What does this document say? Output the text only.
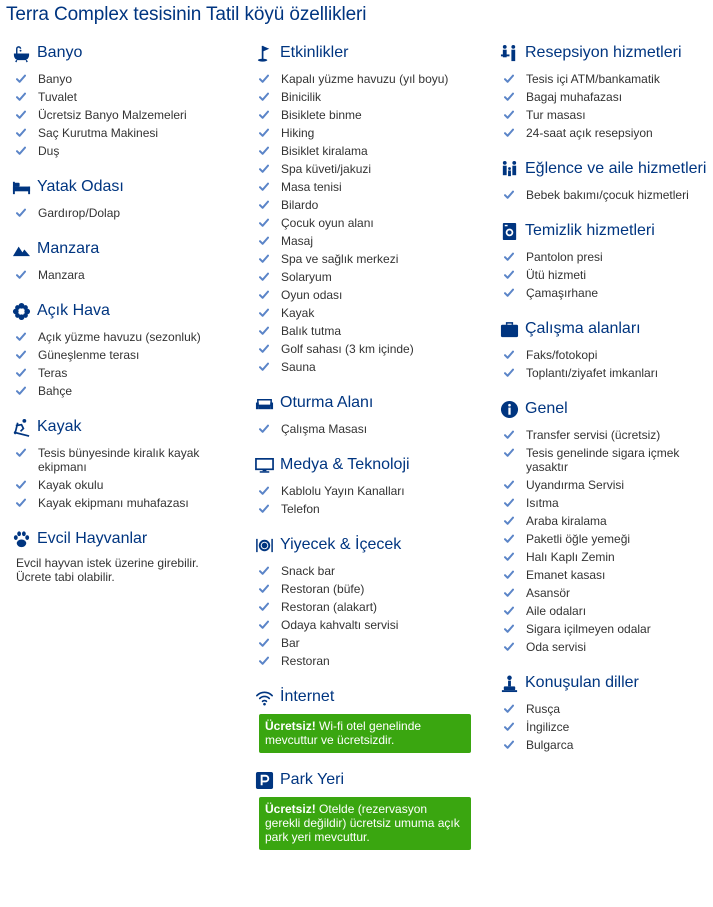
Terra Complex tesisinin Tatil köyü özellikleri
Banyo
Banyo
Tuvalet
Ücretsiz Banyo Malzemeleri
Saç Kurutma Makinesi
Duş
Yatak Odası
Gardırop/Dolap
Manzara
Manzara
Açık Hava
Açık yüzme havuzu (sezonluk)
Güneşlenme terası
Teras
Bahçe
Kayak
Tesis bünyesinde kiralık kayak ekipmanı
Kayak okulu
Kayak ekipmanı muhafazası
Evcil Hayvanlar
Evcil hayvan istek üzerine girebilir. Ücrete tabi olabilir.
Etkinlikler
Kapalı yüzme havuzu (yıl boyu)
Binicilik
Bisiklete binme
Hiking
Bisiklet kiralama
Spa küveti/jakuzi
Masa tenisi
Bilardo
Çocuk oyun alanı
Masaj
Spa ve sağlık merkezi
Solaryum
Oyun odası
Kayak
Balık tutma
Golf sahası (3 km içinde)
Sauna
Oturma Alanı
Çalışma Masası
Medya & Teknoloji
Kablolu Yayın Kanalları
Telefon
Yiyecek & İçecek
Snack bar
Restoran (büfe)
Restoran (alakart)
Odaya kahvaltı servisi
Bar
Restoran
İnternet
Ücretsiz! Wi-fi otel genelinde mevcuttur ve ücretsizdir.
Park Yeri
Ücretsiz! Otelde (rezervasyon gerekli değildir) ücretsiz umuma açık park yeri mevcuttur.
Resepsiyon hizmetleri
Tesis içi ATM/bankamatik
Bagaj muhafazası
Tur masası
24-saat açık resepsiyon
Eğlence ve aile hizmetleri
Bebek bakımı/çocuk hizmetleri
Temizlik hizmetleri
Pantolon presi
Ütü hizmeti
Çamaşırhane
Çalışma alanları
Faks/fotokopi
Toplantı/ziyafet imkanları
Genel
Transfer servisi (ücretsiz)
Tesis genelinde sigara içmek yasaktır
Uyandırma Servisi
Isıtma
Araba kiralama
Paketli öğle yemeği
Halı Kaplı Zemin
Emanet kasası
Asansör
Aile odaları
Sigara içilmeyen odalar
Oda servisi
Konuşulan diller
Rusça
İngilizce
Bulgarca
